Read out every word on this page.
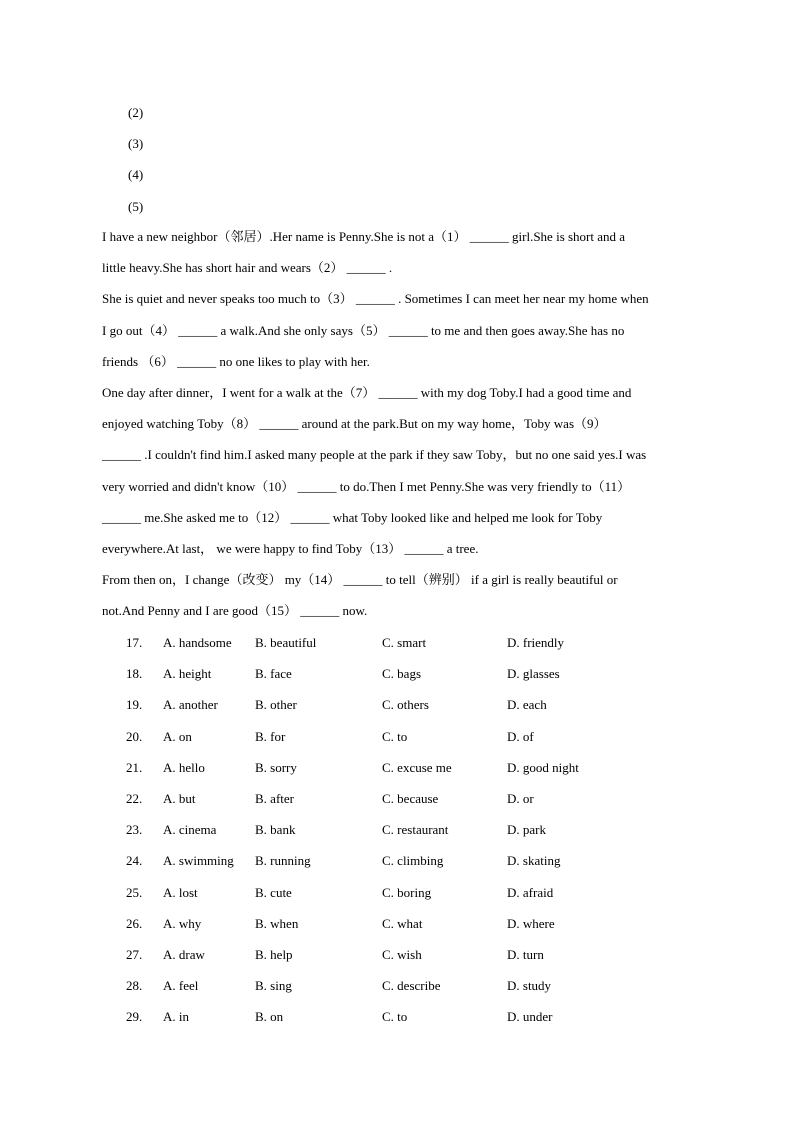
(2)
(3)
(4)
(5)
I have a new neighbor（邻居）.Her name is Penny.She is not a（1） ______ girl.She is short and a
little heavy.She has short hair and wears（2） ______ .
She is quiet and never speaks too much to（3） ______ . Sometimes I can meet her near my home when
I go out（4） ______ a walk.And she only says（5） ______ to me and then goes away.She has no
friends （6） ______ no one likes to play with her.
One day after dinner，I went for a walk at the（7） ______ with my dog Toby.I had a good time and
enjoyed watching Toby（8） ______ around at the park.But on my way home，Toby was（9）
______ .I couldn't find him.I asked many people at the park if they saw Toby，but no one said yes.I was
very worried and didn't know（10） ______ to do.Then I met Penny.She was very friendly to（11）
______ me.She asked me to（12） ______ what Toby looked like and helped me look for Toby
everywhere.At last， we were happy to find Toby（13） ______ a tree.
From then on，I change（改变） my（14） ______ to tell（辨别） if a girl is really beautiful or
not.And Penny and I are good（15） ______ now.
17. A. handsome B. beautiful	C. smart	D. friendly
18. A. height	B. face	C. bags	D. glasses
19. A. another	B. other	C. others	D. each
20. A. on	B. for	C. to	D. of
21. A. hello	B. sorry	C. excuse me	D. good night
22. A. but	B. after	C. because	D. or
23. A. cinema	B. bank	C. restaurant	D. park
24. A. swimming B. running	C. climbing	D. skating
25. A. lost	B. cute	C. boring	D. afraid
26. A. why	B. when	C. what	D. where
27. A. draw	B. help	C. wish	D. turn
28. A. feel	B. sing	C. describe	D. study
29. A. in	B. on	C. to	D. under
